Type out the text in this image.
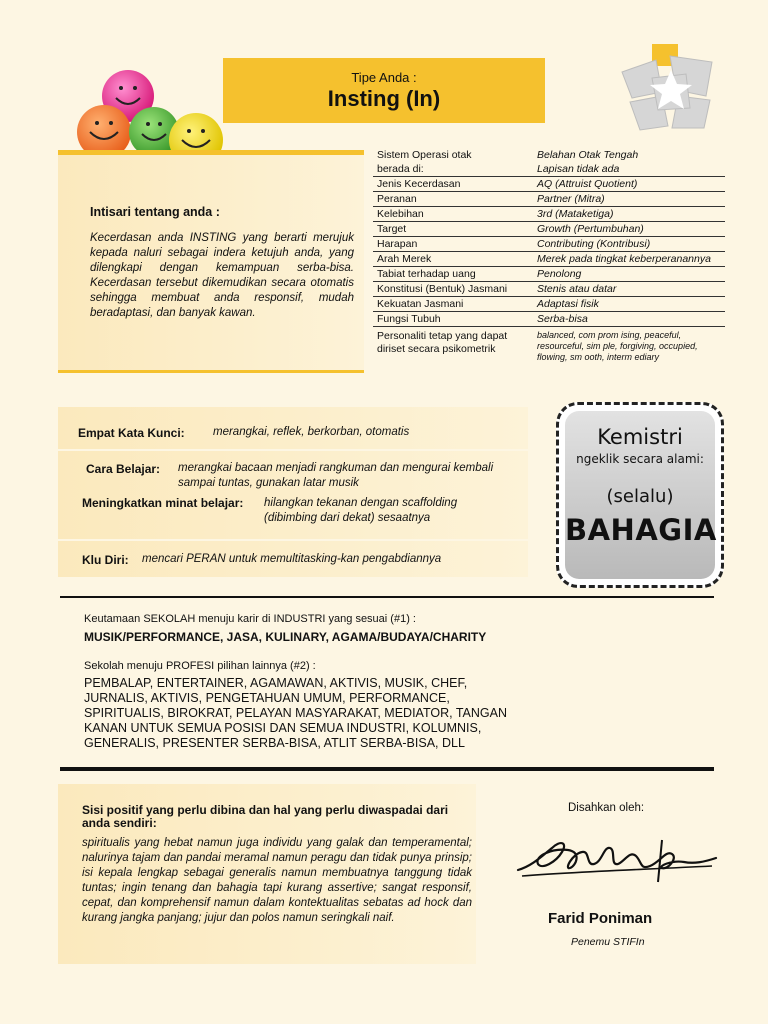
Tipe Anda :
Insting (In)
Intisari tentang anda :

Kecerdasan anda INSTING yang berarti merujuk kepada naluri sebagai indera ketujuh anda, yang dilengkapi dengan kemampuan serba-bisa. Kecerdasan tersebut dikemudikan secara otomatis sehingga membuat anda responsif, mudah beradaptasi, dan banyak kawan.

Sistem Operasi otak	Belahan Otak Tengah
berada di:	Lapisan tidak ada
Jenis Kecerdasan	AQ (Attruist Quotient)
Peranan	Partner (Mitra)
Kelebihan	3rd (Mataketiga)
Target	Growth (Pertumbuhan)
Harapan	Contributing (Kontribusi)
Arah Merek	Merek pada tingkat keberperanannya
Tabiat terhadap uang	Penolong
Konstitusi (Bentuk) Jasmani	Stenis atau datar
Kekuatan Jasmani	Adaptasi fisik
Fungsi Tubuh	Serba-bisa
Personaliti tetap yang dapat diriset secara psikometrik	balanced, com prom ising, peaceful, resourceful, sim ple, forgiving, occupied, flowing, sm ooth, interm ediary
Empat Kata Kunci: merangkai, reflek, berkorban, otomatis
Cara Belajar: merangkai bacaan menjadi rangkuman dan mengurai kembali sampai tuntas, gunakan latar musik
Meningkatkan minat belajar: hilangkan tekanan dengan scaffolding (dibimbing dari dekat) sesaatnya
Klu Diri: mencari PERAN untuk memultitasking-kan pengabdiannya
Kemistri
ngeklik secara alami:
(selalu)
BAHAGIA
Keutamaan SEKOLAH menuju karir di INDUSTRI yang sesuai (#1) :
MUSIK/PERFORMANCE, JASA, KULINARY, AGAMA/BUDAYA/CHARITY
Sekolah menuju PROFESI pilihan lainnya (#2) :
PEMBALAP, ENTERTAINER, AGAMAWAN, AKTIVIS, MUSIK, CHEF, JURNALIS, AKTIVIS, PENGETAHUAN UMUM, PERFORMANCE, SPIRITUALIS, BIROKRAT, PELAYAN MASYARAKAT, MEDIATOR, TANGAN KANAN UNTUK SEMUA POSISI DAN SEMUA INDUSTRI, KOLUMNIS, GENERALIS, PRESENTER SERBA-BISA, ATLIT SERBA-BISA, DLL
Sisi positif yang perlu dibina dan hal yang perlu diwaspadai dari anda sendiri:

spiritualis yang hebat namun juga individu yang galak dan temperamental; nalurinya tajam dan pandai meramal namun peragu dan tidak punya prinsip; isi kepala lengkap sebagai generalis namun membuatnya tanggung tidak tuntas; ingin tenang dan bahagia tapi kurang assertive; sangat responsif, cepat, dan komprehensif namun dalam kontektualitas sebatas ad hock dan kurang jangka panjang; jujur dan polos namun seringkali naif.

Disahkan oleh:
Farid Poniman
Penemu STIFIn
